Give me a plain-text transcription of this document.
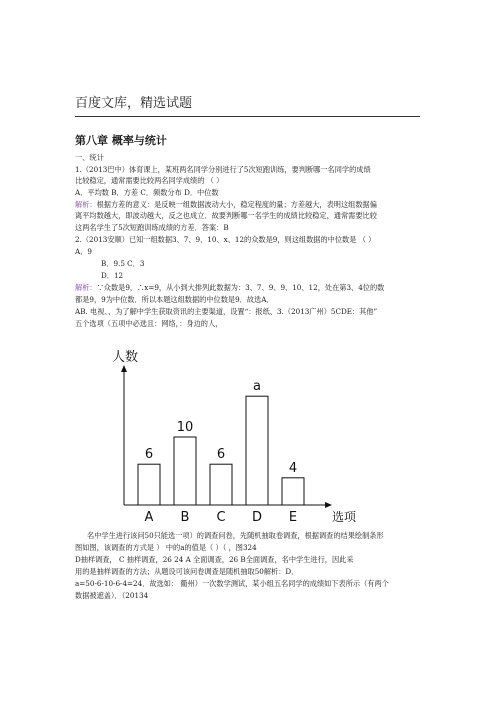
百度文库，精选试题
第八章 概率与统计
一、统计
1.（2013巴中）体育课上，某班两名同学分别进行了5次短跑训练，要判断哪一名同学的成绩
比较稳定，通常需要比较两名同学成绩的 （ ）
A．平均数 B．方差 C．频数分布 D．中位数
解析：根据方差的意义：是反映一组数据波动大小，稳定程度的量；方差越大，表明这组数据偏
离平均数越大，即波动越大，反之也成立．故要判断哪一名学生的成绩比较稳定，通常需要比较
这两名学生了5次短跑训练成绩的方差．答案：B
2.（2013安顺）已知一组数据3、7、9、10、x、12的众数是9，则这组数据的中位数是 （ ）
A．9
B．9.5 C．3
D．12
解析：∵众数是9，∴x=9，从小到大排列此数据为：3、7、9、9、10、12，处在第3、4位的数
都是9，9为中位数．所以本题这组数据的中位数是9．故选A．
AB. 电视、、为了解中学生获取资讯的主要渠道，设置“：报纸、3.（2013广州）5CDE：其他”
五个选项（五项中必选且：网络，：身边的人，
人数
6
A
10
B
6
C
a
D
4
E	选项
名中学生进行该问50只能选一项）的调查问卷，先随机抽取卷调查，根据调查的结果绘制条形
图如图，该调查的方式是 ） 中的a的值是（ ）（ ，图324
D抽样调查， C 抽样调查，26 24 A 全面调查，26 B全面调查，名中学生进行，因此采
用的是抽样调查的方法；从题设可该问卷调查是随机抽取50解析：D．
a=50-6-10-6-4=24．故选如： 衢州）一次数学测试，某小组五名同学的成绩如下表所示（有两个
数据被遮盖）．（20134
